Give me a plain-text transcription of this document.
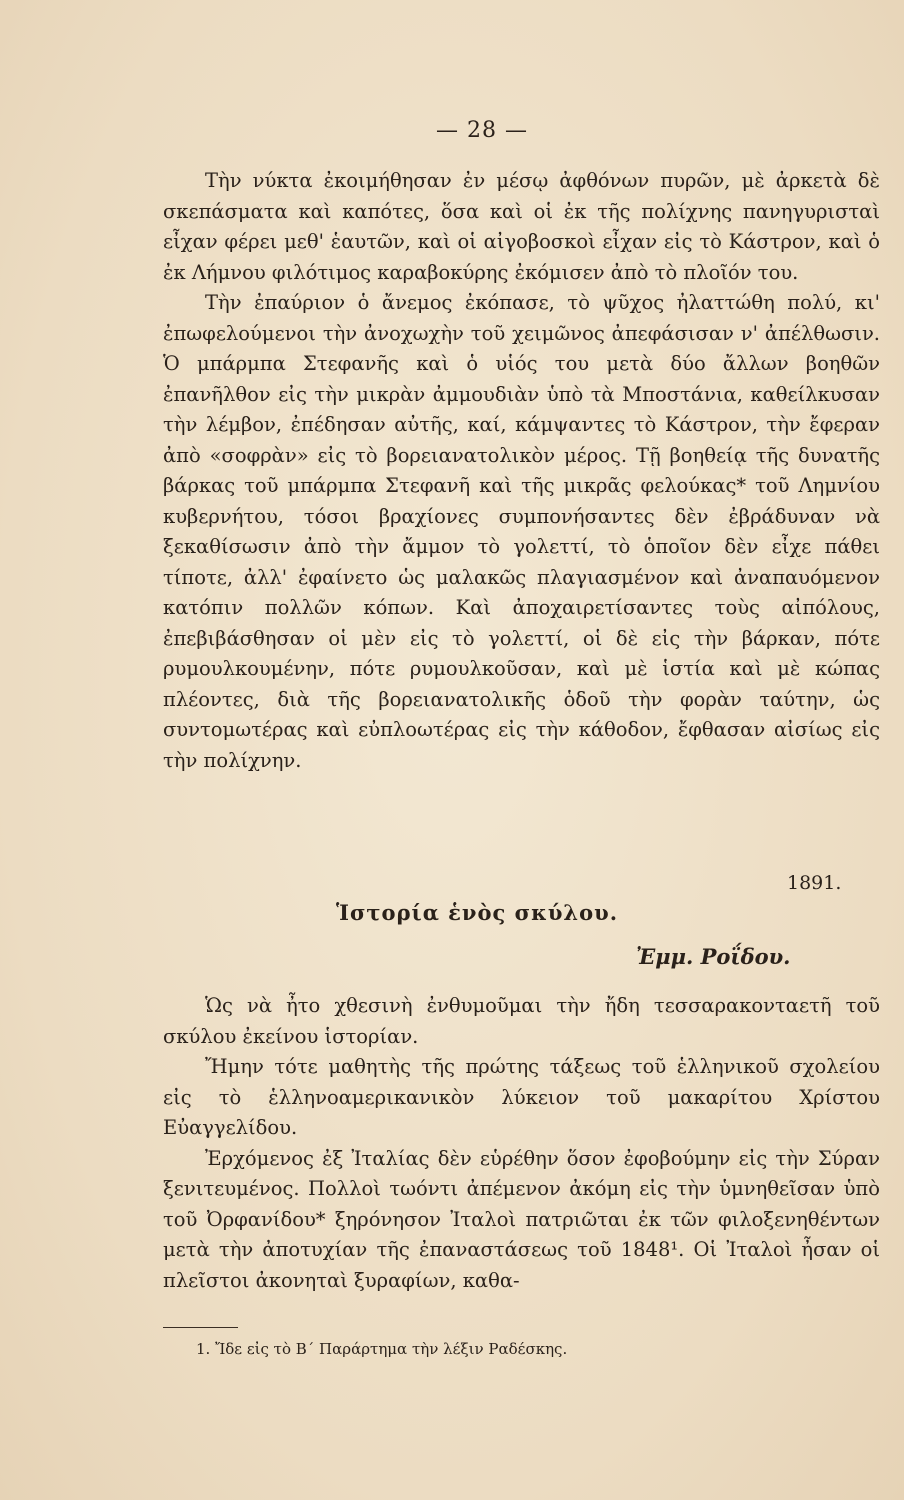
— 28 —

Τὴν νύκτα ἐκοιμήθησαν ἐν μέσῳ ἀφθόνων πυρῶν, μὲ ἀρκετὰ δὲ σκεπάσματα καὶ καπότες, ὅσα καὶ οἱ ἐκ τῆς πολίχνης πανηγυρισταὶ εἶχαν φέρει μεθ' ἑαυτῶν, καὶ οἱ αἰγοβοσκοὶ εἶχαν εἰς τὸ Κάστρον, καὶ ὁ ἐκ Λήμνου φιλότιμος καραβοκύρης ἐκόμισεν ἀπὸ τὸ πλοῖόν του.

Τὴν ἐπαύριον ὁ ἄνεμος ἐκόπασε, τὸ ψῦχος ἠλαττώθη πολύ, κι' ἐπωφελούμενοι τὴν ἀνοχωχὴν τοῦ χειμῶνος ἀπεφάσισαν ν' ἀπέλθωσιν. Ὁ μπάρμπα Στεφανῆς καὶ ὁ υἱός του μετὰ δύο ἄλλων βοηθῶν ἐπανῆλθον εἰς τὴν μικρὰν ἀμμουδιὰν ὑπὸ τὰ Μποστάνια, καθείλκυσαν τὴν λέμβον, ἐπέδησαν αὐτῆς, καί, κάμψαντες τὸ Κάστρον, τὴν ἔφεραν ἀπὸ «σοφρὰν» εἰς τὸ βορειανατολικὸν μέρος. Τῇ βοηθείᾳ τῆς δυνατῆς βάρκας τοῦ μπάρμπα Στεφανῆ καὶ τῆς μικρᾶς φελούκας* τοῦ Λημνίου κυβερνήτου, τόσοι βραχίονες συμπονήσαντες δὲν ἐβράδυναν νὰ ξεκαθίσωσιν ἀπὸ τὴν ἄμμον τὸ γολεττί, τὸ ὁποῖον δὲν εἶχε πάθει τίποτε, ἀλλ' ἐφαίνετο ὡς μαλακῶς πλαγιασμένον καὶ ἀναπαυόμενον κατόπιν πολλῶν κόπων. Καὶ ἀποχαιρετίσαντες τοὺς αἰπόλους, ἐπεβιβάσθησαν οἱ μὲν εἰς τὸ γολεττί, οἱ δὲ εἰς τὴν βάρκαν, πότε ρυμουλκουμένην, πότε ρυμουλκοῦσαν, καὶ μὲ ἱστία καὶ μὲ κώπας πλέοντες, διὰ τῆς βορειανατολικῆς ὁδοῦ τὴν φορὰν ταύτην, ὡς συντομωτέρας καὶ εὐπλοωτέρας εἰς τὴν κάθοδον, ἔφθασαν αἰσίως εἰς τὴν πολίχνην.

1891.
Ἱστορία ἑνὸς σκύλου.
Ἐμμ. Ροΐδου.

Ὡς νὰ ἦτο χθεσινὴ ἐνθυμοῦμαι τὴν ἤδη τεσσαρακονταετῆ τοῦ σκύλου ἐκείνου ἱστορίαν.

Ἤμην τότε μαθητὴς τῆς πρώτης τάξεως τοῦ ἑλληνικοῦ σχολείου εἰς τὸ ἑλληνοαμερικανικὸν λύκειον τοῦ μακαρίτου Χρίστου Εὐαγγελίδου.

Ἐρχόμενος ἐξ Ἰταλίας δὲν εὑρέθην ὅσον ἐφοβούμην εἰς τὴν Σύραν ξενιτευμένος. Πολλοὶ τωόντι ἀπέμενον ἀκόμη εἰς τὴν ὑμνηθεῖσαν ὑπὸ τοῦ Ὀρφανίδου* ξηρόνησον Ἰταλοὶ πατριῶται ἐκ τῶν φιλοξενηθέντων μετὰ τὴν ἀποτυχίαν τῆς ἐπαναστάσεως τοῦ 1848¹. Οἱ Ἰταλοὶ ἦσαν οἱ πλεῖστοι ἀκονηταὶ ξυραφίων, καθα-

1. Ἴδε εἰς τὸ Β΄ Παράρτημα τὴν λέξιν Ραδέσκης.
